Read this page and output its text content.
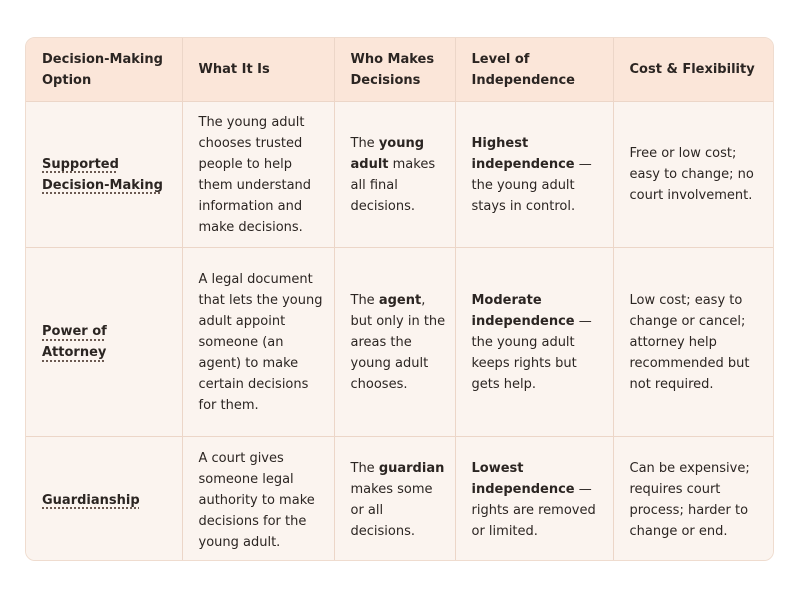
Decision-Making Option	What It Is	Who Makes Decisions	Level of Independence	Cost & Flexibility
Supported Decision-Making	The young adult chooses trusted people to help them understand information and make decisions.	The young adult makes all final decisions.	Highest independence — the young adult stays in control.	Free or low cost; easy to change; no court involvement.
Power of Attorney	A legal document that lets the young adult appoint someone (an agent) to make certain decisions for them.	The agent, but only in the areas the young adult chooses.	Moderate independence — the young adult keeps rights but gets help.	Low cost; easy to change or cancel; attorney help recommended but not required.
Guardianship	A court gives someone legal authority to make decisions for the young adult.	The guardian makes some or all decisions.	Lowest independence — rights are removed or limited.	Can be expensive; requires court process; harder to change or end.
